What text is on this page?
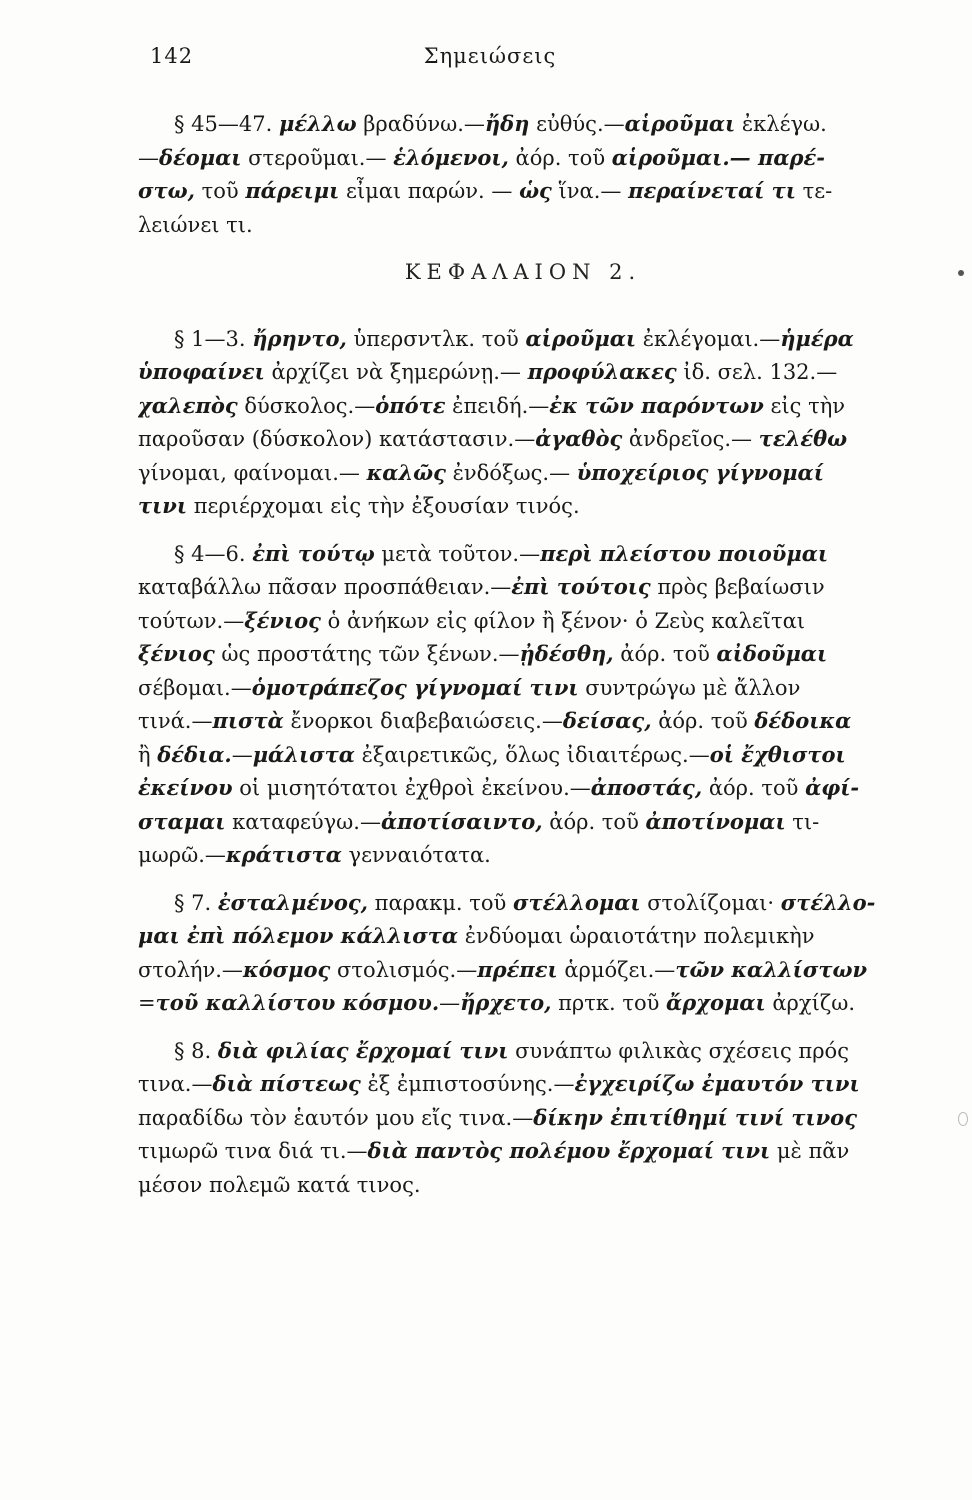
142	Σημειώσεις
§ 45—47. μέλλω βραδύνω.—ἤδη εὐθύς.—αἱροῦμαι ἐκλέγω.
—δέομαι στεροῦμαι.— ἑλόμενοι, ἀόρ. τοῦ αἱροῦμαι.— παρέ-
στω, τοῦ πάρειμι εἶμαι παρών. — ὡς ἵνα.— περαίνεταί τι τε-
λειώνει τι.
ΚΕΦΑΛΑΙΟΝ 2.
§ 1—3. ἤρηντο, ὑπερσντλκ. τοῦ αἱροῦμαι ἐκλέγομαι.—ἡμέρα
ὑποφαίνει ἀρχίζει νὰ ξημερώνῃ.— προφύλακες ἰδ. σελ. 132.—
χαλεπὸς δύσκολος.—ὁπότε ἐπειδή.—ἐκ τῶν παρόντων εἰς τὴν
παροῦσαν (δύσκολον) κατάστασιν.—ἀγαθὸς ἀνδρεῖος.— τελέθω
γίνομαι, φαίνομαι.— καλῶς ἐνδόξως.— ὑποχείριος γίγνομαί
τινι περιέρχομαι εἰς τὴν ἐξουσίαν τινός.
§ 4—6. ἐπὶ τούτῳ μετὰ τοῦτον.—περὶ πλείστου ποιοῦμαι
καταβάλλω πᾶσαν προσπάθειαν.—ἐπὶ τούτοις πρὸς βεβαίωσιν
τούτων.—ξένιος ὁ ἀνήκων εἰς φίλον ἢ ξένον· ὁ Ζεὺς καλεῖται
ξένιος ὡς προστάτης τῶν ξένων.—ᾐδέσθη, ἀόρ. τοῦ αἰδοῦμαι
σέβομαι.—ὁμοτράπεζος γίγνομαί τινι συντρώγω μὲ ἄλλον
τινά.—πιστὰ ἔνορκοι διαβεβαιώσεις.—δείσας, ἀόρ. τοῦ δέδοικα
ἢ δέδια.—μάλιστα ἐξαιρετικῶς, ὅλως ἰδιαιτέρως.—οἱ ἔχθιστοι
ἐκείνου οἱ μισητότατοι ἐχθροὶ ἐκείνου.—ἀποστάς, ἀόρ. τοῦ ἀφί-
σταμαι καταφεύγω.—ἀποτίσαιντο, ἀόρ. τοῦ ἀποτίνομαι τι-
μωρῶ.—κράτιστα γενναιότατα.
§ 7. ἐσταλμένος, παρακμ. τοῦ στέλλομαι στολίζομαι· στέλλο-
μαι ἐπὶ πόλεμον κάλλιστα ἐνδύομαι ὡραιοτάτην πολεμικὴν
στολήν.—κόσμος στολισμός.—πρέπει ἁρμόζει.—τῶν καλλίστων
=τοῦ καλλίστου κόσμου.—ἤρχετο, πρτκ. τοῦ ἄρχομαι ἀρχίζω.
§ 8. διὰ φιλίας ἔρχομαί τινι συνάπτω φιλικὰς σχέσεις πρός
τινα.—διὰ πίστεως ἐξ ἐμπιστοσύνης.—ἐγχειρίζω ἐμαυτόν τινι
παραδίδω τὸν ἑαυτόν μου εἴς τινα.—δίκην ἐπιτίθημί τινί τινος
τιμωρῶ τινα διά τι.—διὰ παντὸς πολέμου ἔρχομαί τινι μὲ πᾶν
μέσον πολεμῶ κατά τινος.
